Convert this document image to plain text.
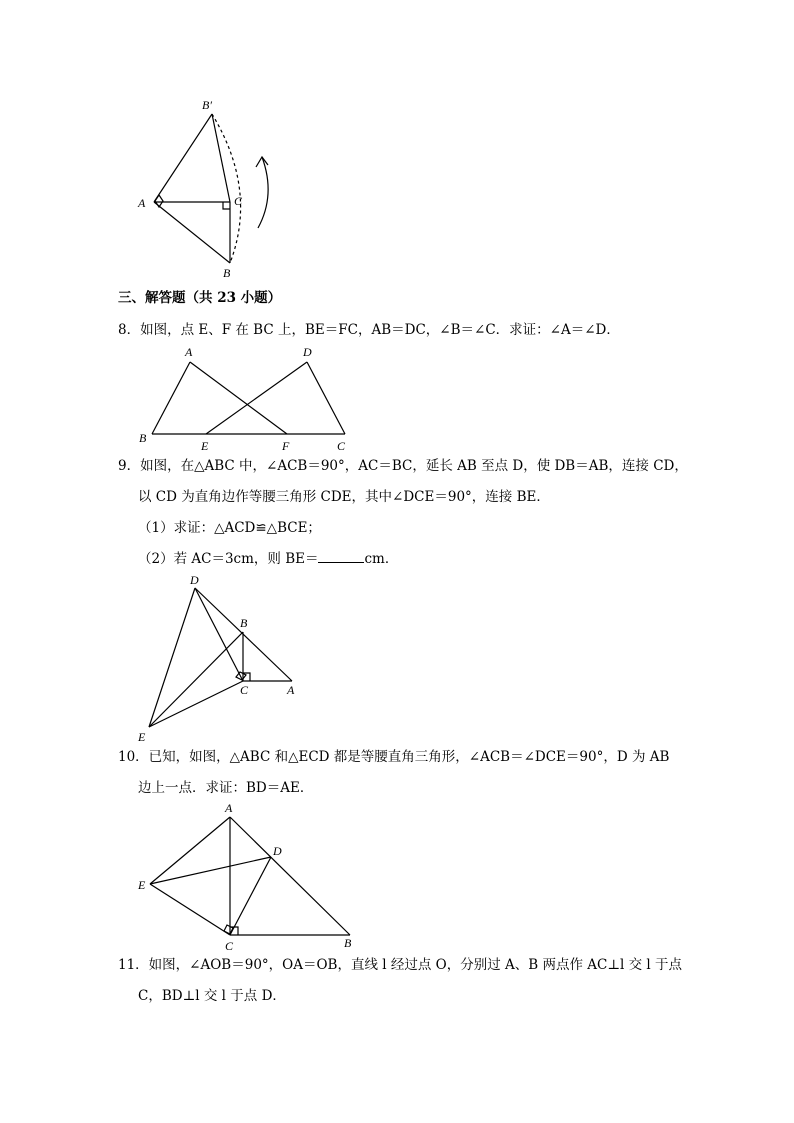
B′
A	C
B
三、解答题（共 23 小题）
8．如图，点 E、F 在 BC 上，BE＝FC，AB＝DC，∠B＝∠C．求证：∠A＝∠D．
A	D
B
E	F	C
9．如图，在△ABC 中，∠ACB＝90°，AC＝BC，延长 AB 至点 D，使 DB＝AB，连接 CD，
以 CD 为直角边作等腰三角形 CDE，其中∠DCE＝90°，连接 BE．
（1）求证：△ACD≌△BCE；
（2）若 AC＝3cm，则 BE＝	cm．
D
B
C	A
E
10．已知，如图，△ABC 和△ECD 都是等腰直角三角形，∠ACB＝∠DCE＝90°，D 为 AB
边上一点．求证：BD＝AE．
A
D
E
C	B
11．如图，∠AOB＝90°，OA＝OB，直线 l 经过点 O，分别过 A、B 两点作 AC⊥l 交 l 于点
C，BD⊥l 交 l 于点 D．
